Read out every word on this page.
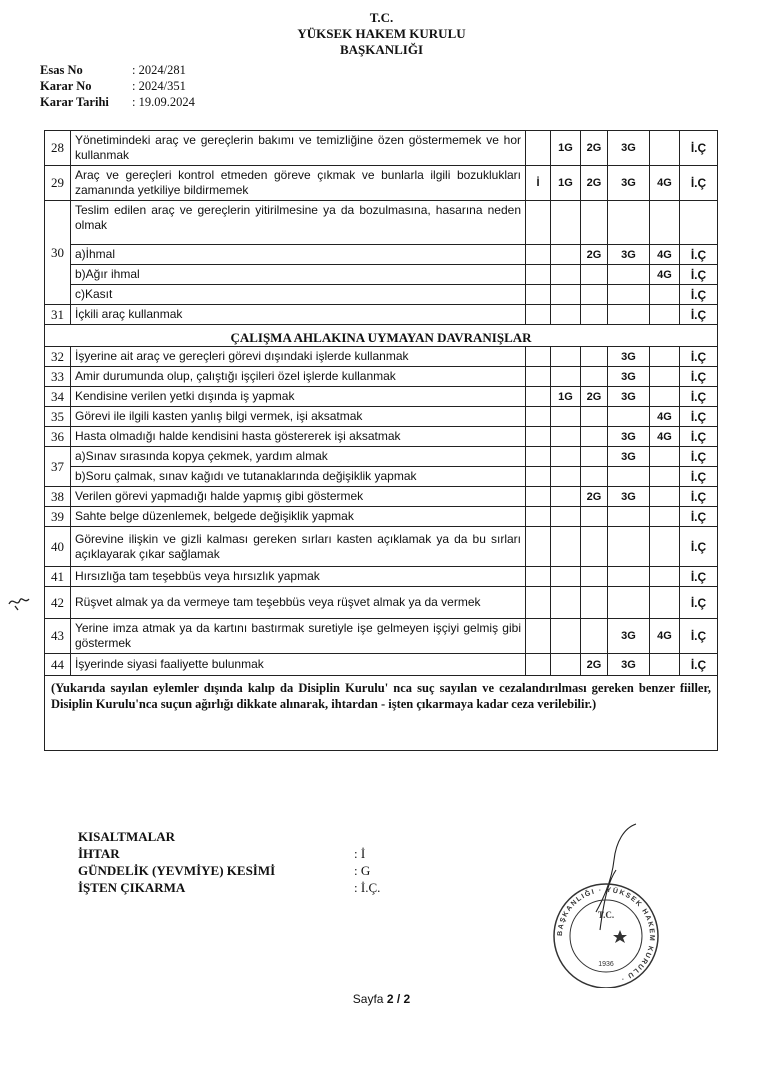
T.C.
YÜKSEK HAKEM KURULU
BAŞKANLIĞI
Esas No	: 2024/281
Karar No	: 2024/351
Karar Tarihi	: 19.09.2024
28	Yönetimindeki araç ve gereçlerin bakımı ve temizliğine özen göstermemek ve hor kullanmak		1G	2G	3G		İ.Ç
29	Araç ve gereçleri kontrol etmeden göreve çıkmak ve bunlarla ilgili bozuklukları zamanında yetkiliye bildirmemek	İ	1G	2G	3G	4G	İ.Ç
30	Teslim edilen araç ve gereçlerin yitirilmesine ya da bozulmasına, hasarına neden olmak						
	a)İhmal			2G	3G	4G	İ.Ç
	b)Ağır ihmal					4G	İ.Ç
	c)Kasıt						İ.Ç
31	İçkili araç kullanmak						İ.Ç
ÇALIŞMA AHLAKINA UYMAYAN DAVRANIŞLAR							
32	İşyerine ait araç ve gereçleri görevi dışındaki işlerde kullanmak				3G		İ.Ç
33	Amir durumunda olup, çalıştığı işçileri özel işlerde kullanmak				3G		İ.Ç
34	Kendisine verilen yetki dışında iş yapmak		1G	2G	3G		İ.Ç
35	Görevi ile ilgili kasten yanlış bilgi vermek, işi aksatmak					4G	İ.Ç
36	Hasta olmadığı halde kendisini hasta göstererek işi aksatmak				3G	4G	İ.Ç
37	a)Sınav sırasında kopya çekmek, yardım almak				3G		İ.Ç
	b)Soru çalmak, sınav kağıdı ve tutanaklarında değişiklik yapmak						İ.Ç
38	Verilen görevi yapmadığı halde yapmış gibi göstermek			2G	3G		İ.Ç
39	Sahte belge düzenlemek, belgede değişiklik yapmak						İ.Ç
40	Görevine ilişkin ve gizli kalması gereken sırları kasten açıklamak ya da bu sırları açıklayarak çıkar sağlamak						İ.Ç
41	Hırsızlığa tam teşebbüs veya hırsızlık yapmak						İ.Ç
42	Rüşvet almak ya da vermeye tam teşebbüs veya rüşvet almak ya da vermek						İ.Ç
43	Yerine imza atmak ya da kartını bastırmak suretiyle işe gelmeyen işçiyi gelmiş gibi göstermek				3G	4G	İ.Ç
44	İşyerinde siyasi faaliyette bulunmak			2G	3G		İ.Ç
(Yukarıda sayılan eylemler dışında kalıp da Disiplin Kurulu' nca suç sayılan ve cezalandırılması gereken benzer fiiller, Disiplin Kurulu'nca suçun ağırlığı dikkate alınarak, ihtardan - işten çıkarmaya kadar ceza verilebilir.)							
KISALTMALAR
İHTAR	: İ
GÜNDELİK (YEVMİYE) KESİMİ	: G
İŞTEN ÇIKARMA	: İ.Ç.
BAŞKANLIĞI · YÜKSEK HAKEM KURULU ·
T.C.
1936
Sayfa 2 / 2
